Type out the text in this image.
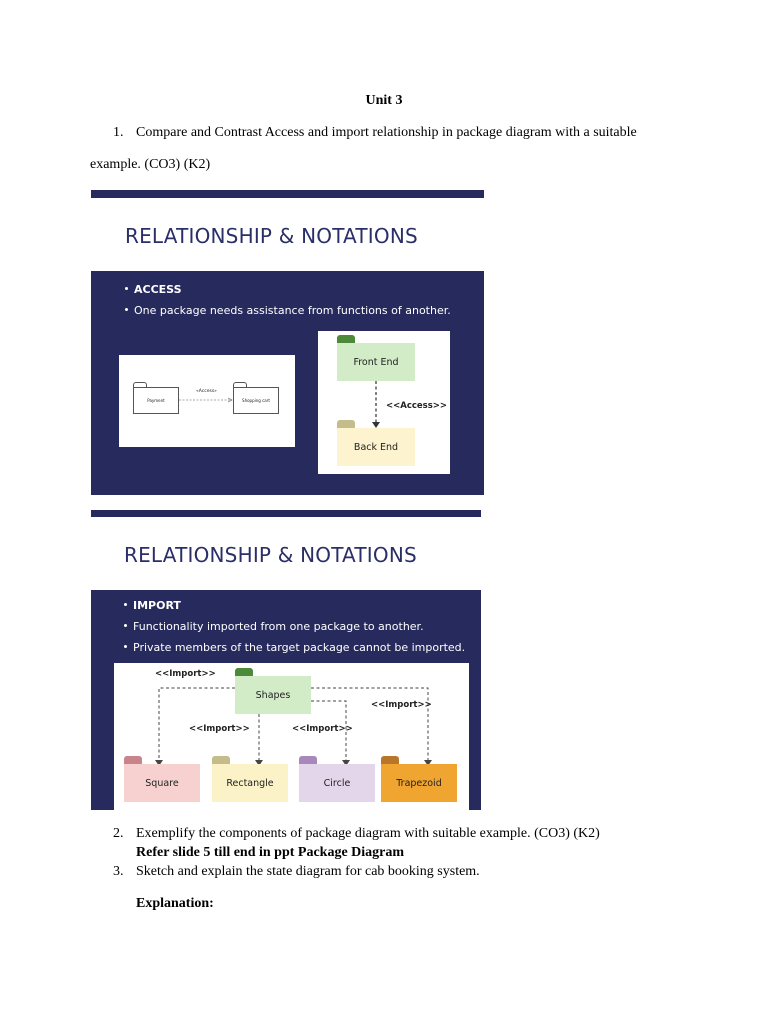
Unit 3
1. Compare and Contrast Access and import relationship in package diagram with a suitable
example. (CO3) (K2)
RELATIONSHIP & NOTATIONS
ACCESS
One package needs assistance from functions of another.
Payment	Shopping cart
«Access»
Front End
Back End
<<Access>>
RELATIONSHIP & NOTATIONS
IMPORT
Functionality imported from one package to another.
Private members of the target package cannot be imported.
Shapes
Square	Rectangle	Circle	Trapezoid
<<Import>>
<<Import>>
<<Import>>	<<Import>>
2. Exemplify the components of package diagram with suitable example. (CO3) (K2)
Refer slide 5 till end in ppt Package Diagram
3. Sketch and explain the state diagram for cab booking system.
Explanation:
